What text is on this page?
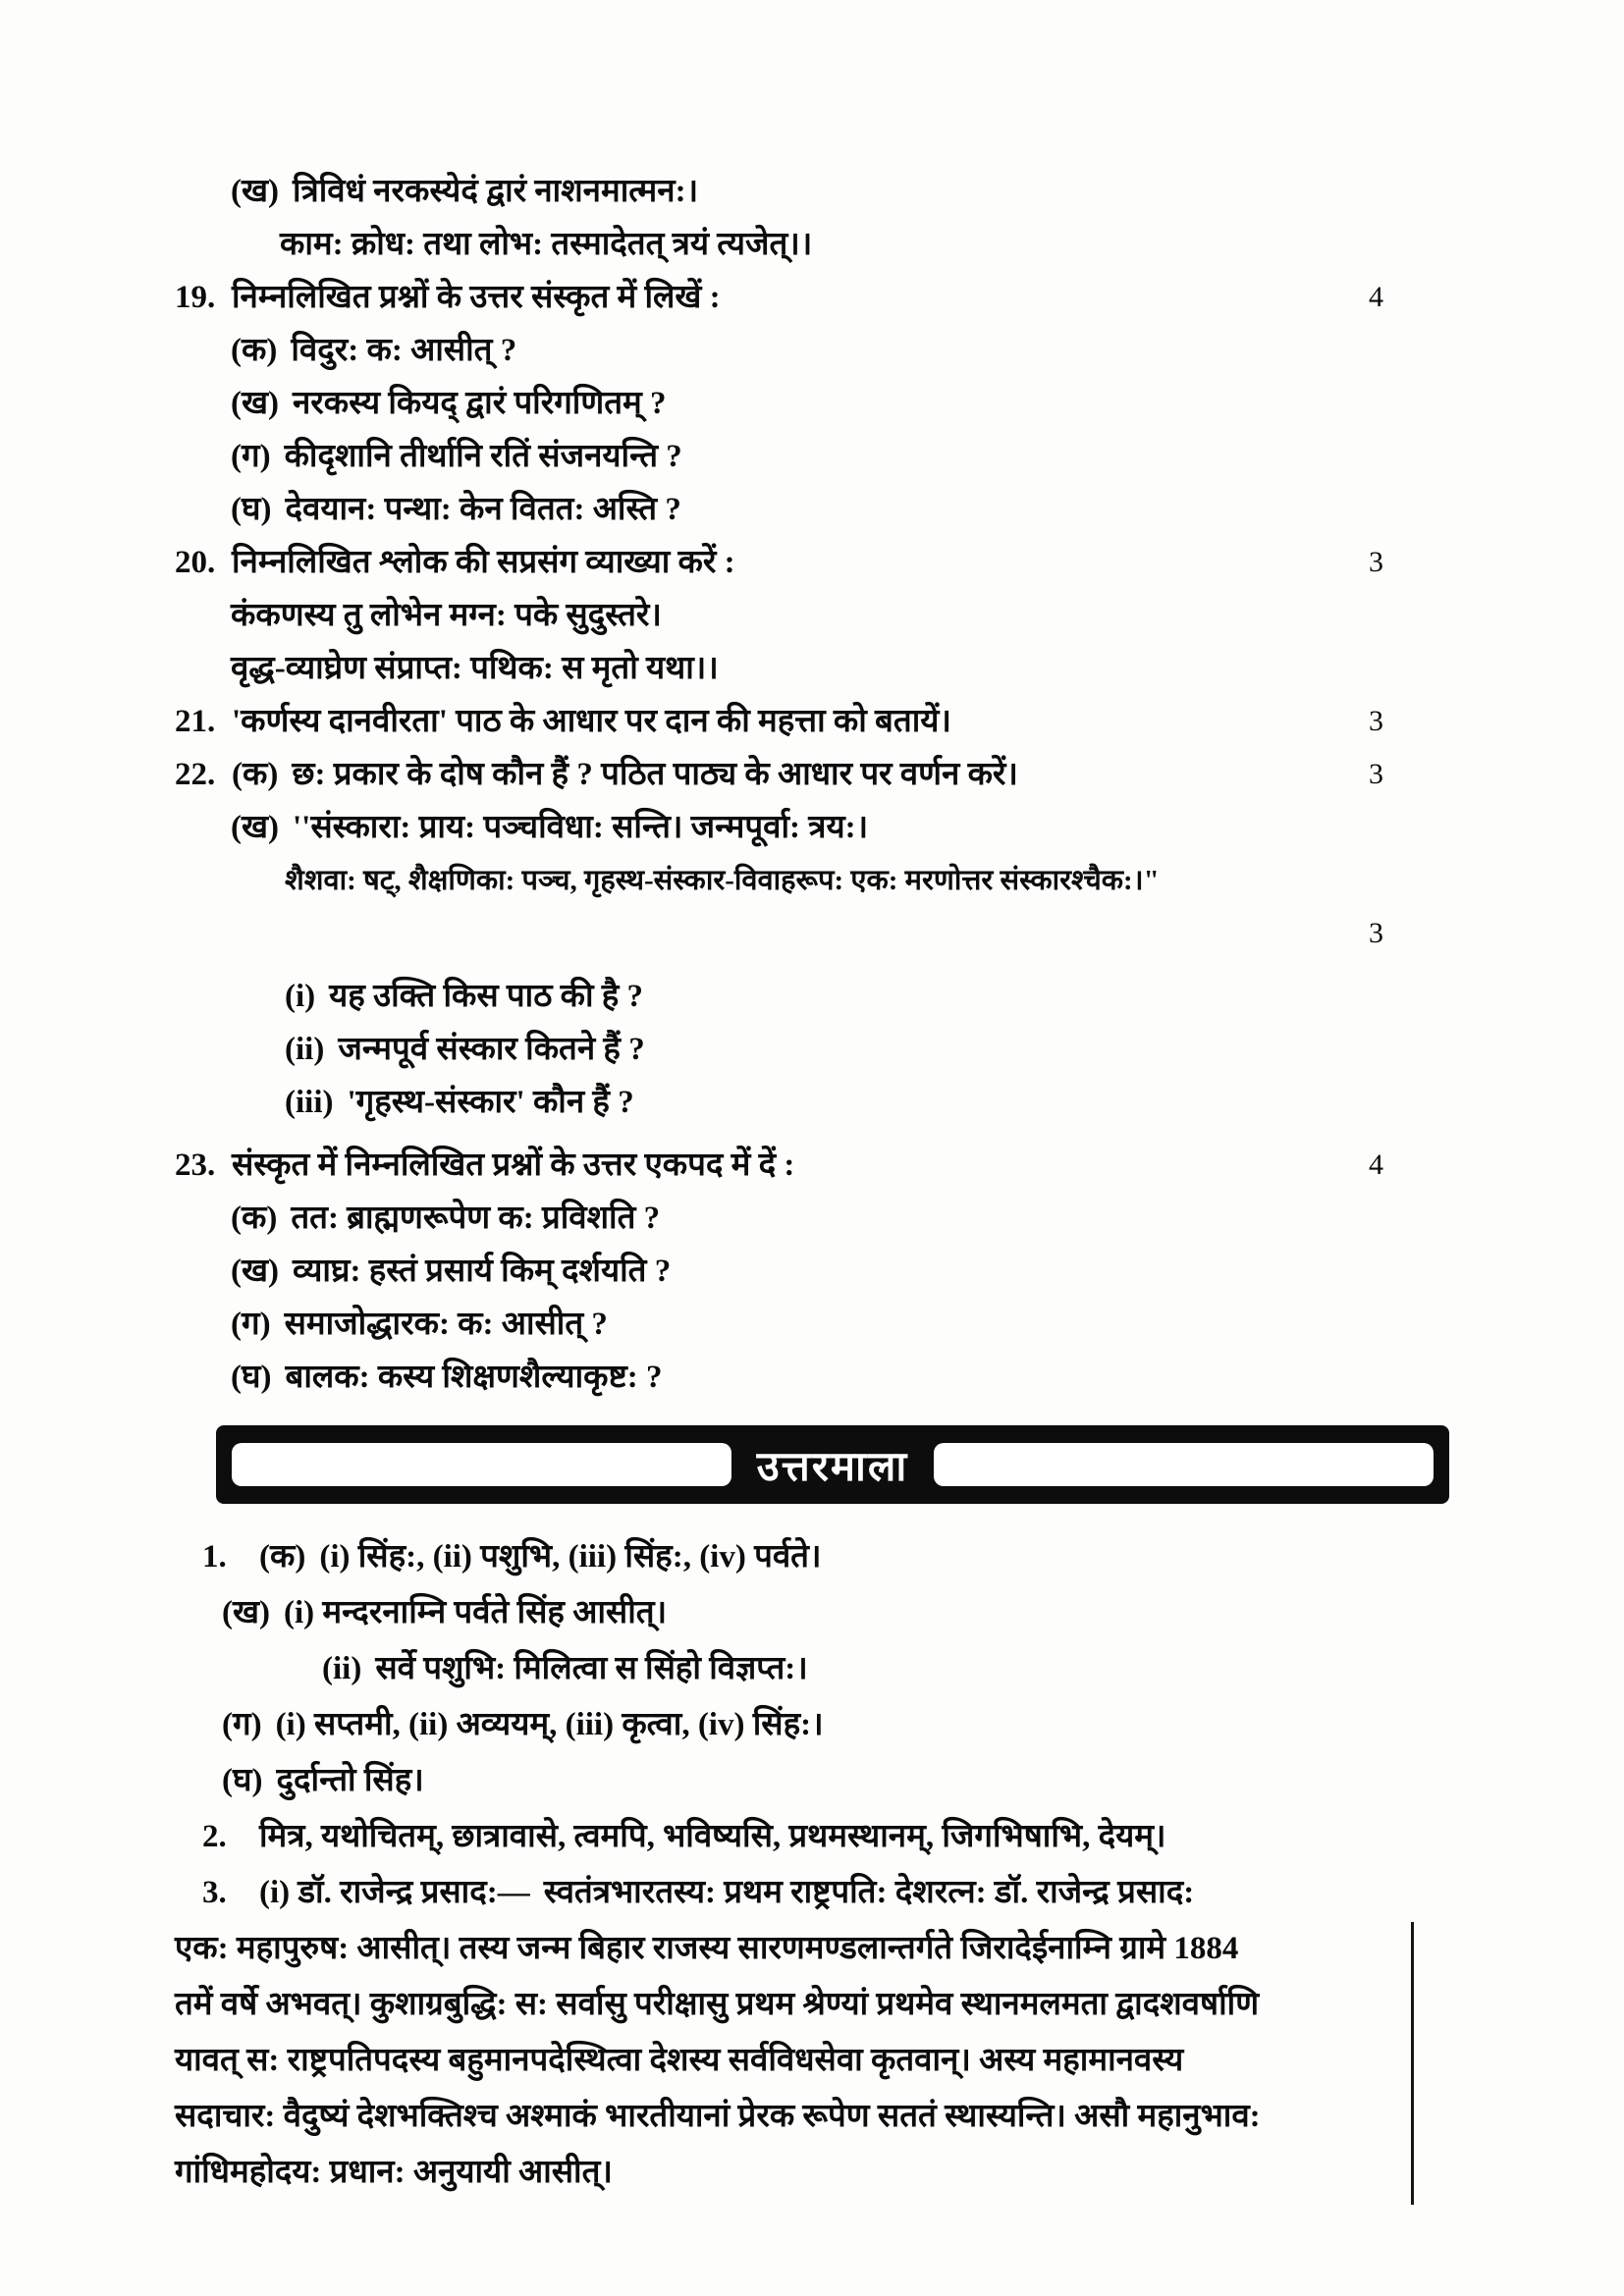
(ख) त्रिविधं नरकस्येदं द्वारं नाशनमात्मन:।
काम: क्रोध: तथा लोभ: तस्मादेतत् त्रयं त्यजेत्।।
19. निम्नलिखित प्रश्नों के उत्तर संस्कृत में लिखें :	4
(क) विदुर: क: आसीत् ?
(ख) नरकस्य कियद् द्वारं परिगणितम् ?
(ग) कीदृशानि तीर्थानि रतिं संजनयन्ति ?
(घ) देवयान: पन्था: केन वितत: अस्ति ?
20. निम्नलिखित श्लोक की सप्रसंग व्याख्या करें :	3
कंकणस्य तु लोभेन मग्न: पके सुदुस्तरे।
वृद्ध-व्याघ्रेण संप्राप्त: पथिक: स मृतो यथा।।
21. 'कर्णस्य दानवीरता' पाठ के आधार पर दान की महत्ता को बतायें।	3
22. (क) छ: प्रकार के दोष कौन हैं ? पठित पाठ्य के आधार पर वर्णन करें।	3
(ख) ''संस्कारा: प्राय: पञ्चविधा: सन्ति। जन्मपूर्वा: त्रय:।
शैशवा: षट्, शैक्षणिका: पञ्च, गृहस्थ-संस्कार-विवाहरूप: एक: मरणोत्तर संस्कारश्चैक:।"
3
(i) यह उक्ति किस पाठ की है ?
(ii) जन्मपूर्व संस्कार कितने हैं ?
(iii) 'गृहस्थ-संस्कार' कौन हैं ?
23. संस्कृत में निम्नलिखित प्रश्नों के उत्तर एकपद में दें :	4
(क) तत: ब्राह्मणरूपेण क: प्रविशति ?
(ख) व्याघ्र: हस्तं प्रसार्य किम् दर्शयति ?
(ग) समाजोद्धारक: क: आसीत् ?
(घ) बालक: कस्य शिक्षणशैल्याकृष्ट: ?
उत्तरमाला
1. (क) (i) सिंह:, (ii) पशुभि, (iii) सिंह:, (iv) पर्वते।
(ख) (i) मन्दरनाम्नि पर्वते सिंह आसीत्।
(ii) सर्वे पशुभि: मिलित्वा स सिंहो विज्ञप्त:।
(ग) (i) सप्तमी, (ii) अव्ययम्, (iii) कृत्वा, (iv) सिंह:।
(घ) दुर्दान्तो सिंह।
2. मित्र, यथोचितम्, छात्रावासे, त्वमपि, भविष्यसि, प्रथमस्थानम्, जिगभिषाभि, देयम्।
3. (i) डॉ. राजेन्द्र प्रसाद:— स्वतंत्रभारतस्य: प्रथम राष्ट्रपति: देशरत्न: डॉ. राजेन्द्र प्रसाद:
एक: महापुरुष: आसीत्। तस्य जन्म बिहार राजस्य सारणमण्डलान्तर्गते जिरादेईनाम्नि ग्रामे 1884
तमें वर्षे अभवत्। कुशाग्रबुद्धि: स: सर्वासु परीक्षासु प्रथम श्रेण्यां प्रथमेव स्थानमलमता द्वादशवर्षाणि
यावत् स: राष्ट्रपतिपदस्य बहुमानपदेस्थित्वा देशस्य सर्वविधसेवा कृतवान्। अस्य महामानवस्य
सदाचार: वैदुष्यं देशभक्तिश्च अश्माकं भारतीयानां प्रेरक रूपेण सततं स्थास्यन्ति। असौ महानुभाव:
गांधिमहोदय: प्रधान: अनुयायी आसीत्।
